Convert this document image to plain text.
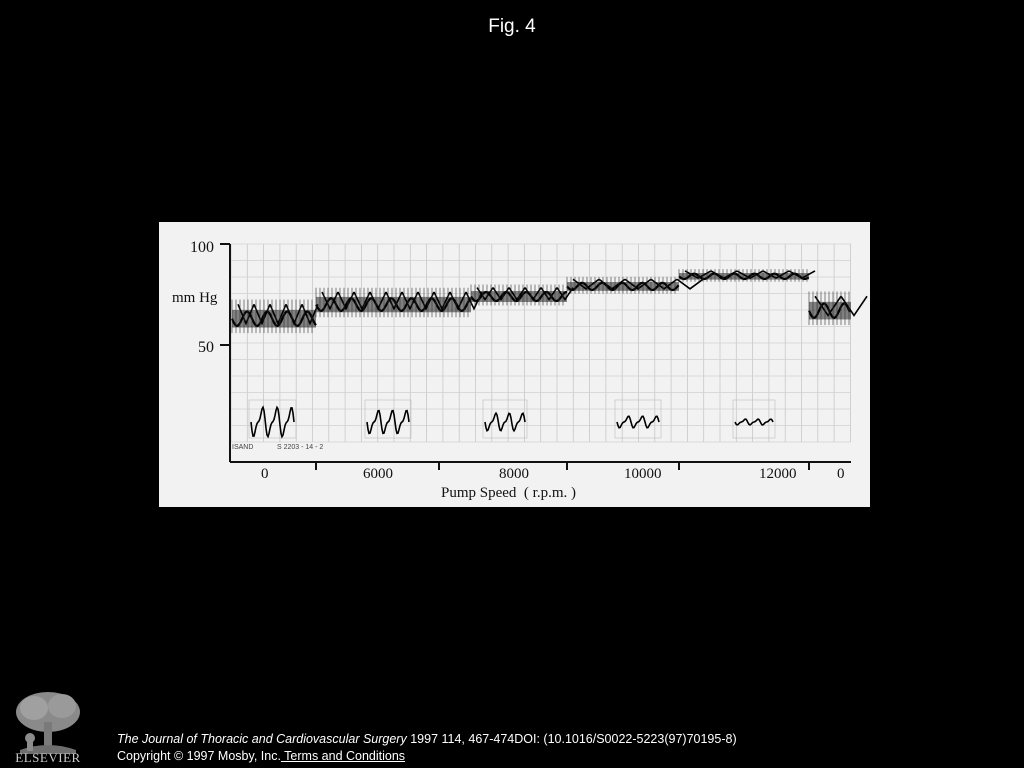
Fig. 4
100
mm Hg
50
ISAND	S 2203 - 14 - 2
0	6000	8000	10000	12000	0
Pump Speed  ( r.p.m. )
ELSEVIER
The Journal of Thoracic and Cardiovascular Surgery 1997 114, 467-474DOI: (10.1016/S0022-5223(97)70195-8)
Copyright © 1997 Mosby, Inc. Terms and Conditions
